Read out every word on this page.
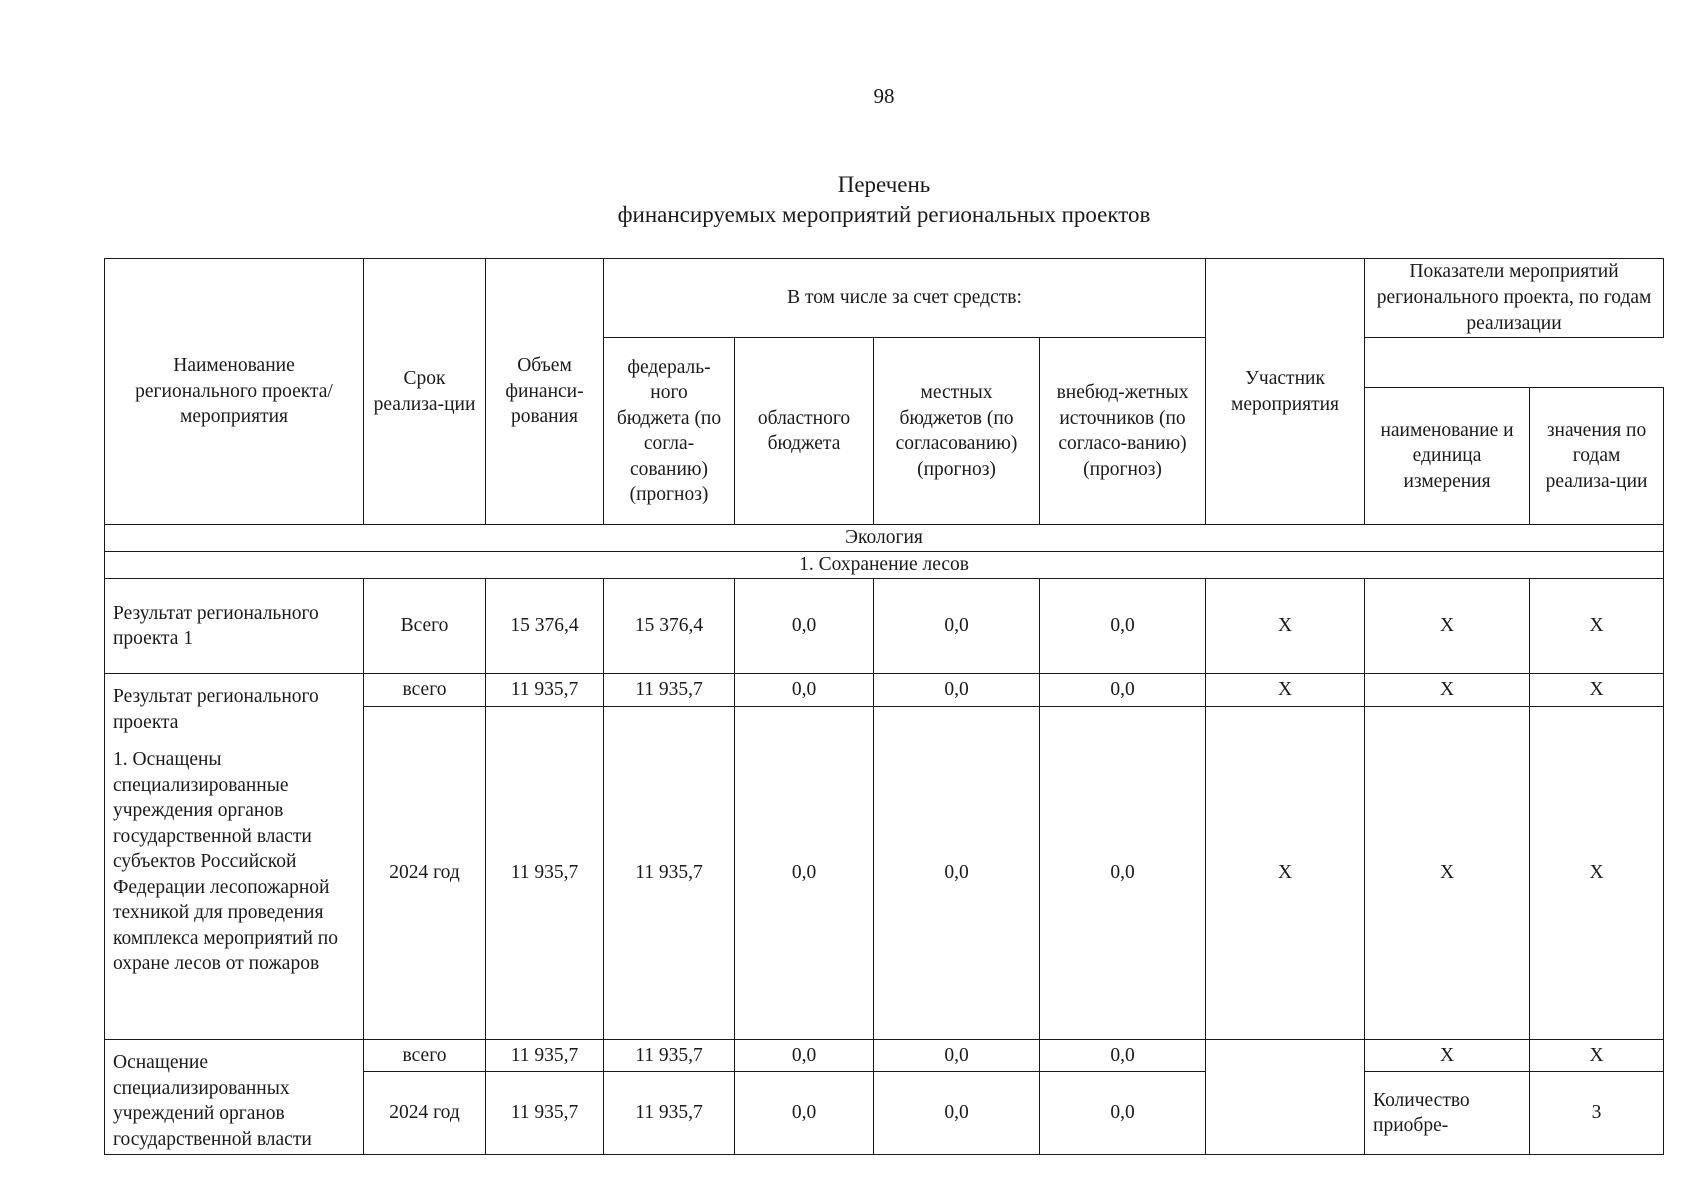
98
Перечень
финансируемых мероприятий региональных проектов
Наименование регионального проекта/ мероприятия	Срок реализа-ции	Объем финанси-рования	В том числе за счет средств:				Участник мероприятия	Показатели мероприятий регионального проекта, по годам реализации	
			федераль-ного бюджета (по согла-сованию) (прогноз)	областного бюджета	местных бюджетов (по согласованию) (прогноз)	внебюд-жетных источников (по согласо-ванию) (прогноз)			
								наименование и единица измерения	значения по годам реализа-ции
Экология									
1. Сохранение лесов									
Результат регионального проекта 1	Всего	15 376,4	15 376,4	0,0	0,0	0,0	X	X	X

Результат регионального проекта

1. Оснащены специализированные учреждения органов государственной власти субъектов Российской Федерации лесопожарной техникой для проведения комплекса мероприятий по охране лесов от пожаров	всего	11 935,7	11 935,7	0,0	0,0	0,0	X	X	X
	2024 год	11 935,7	11 935,7	0,0	0,0	0,0	X	X	X
Оснащение специализированных учреждений органов государственной власти	всего	11 935,7	11 935,7	0,0	0,0	0,0		X	X
	2024 год	11 935,7	11 935,7	0,0	0,0	0,0		Количество приобре-	3
